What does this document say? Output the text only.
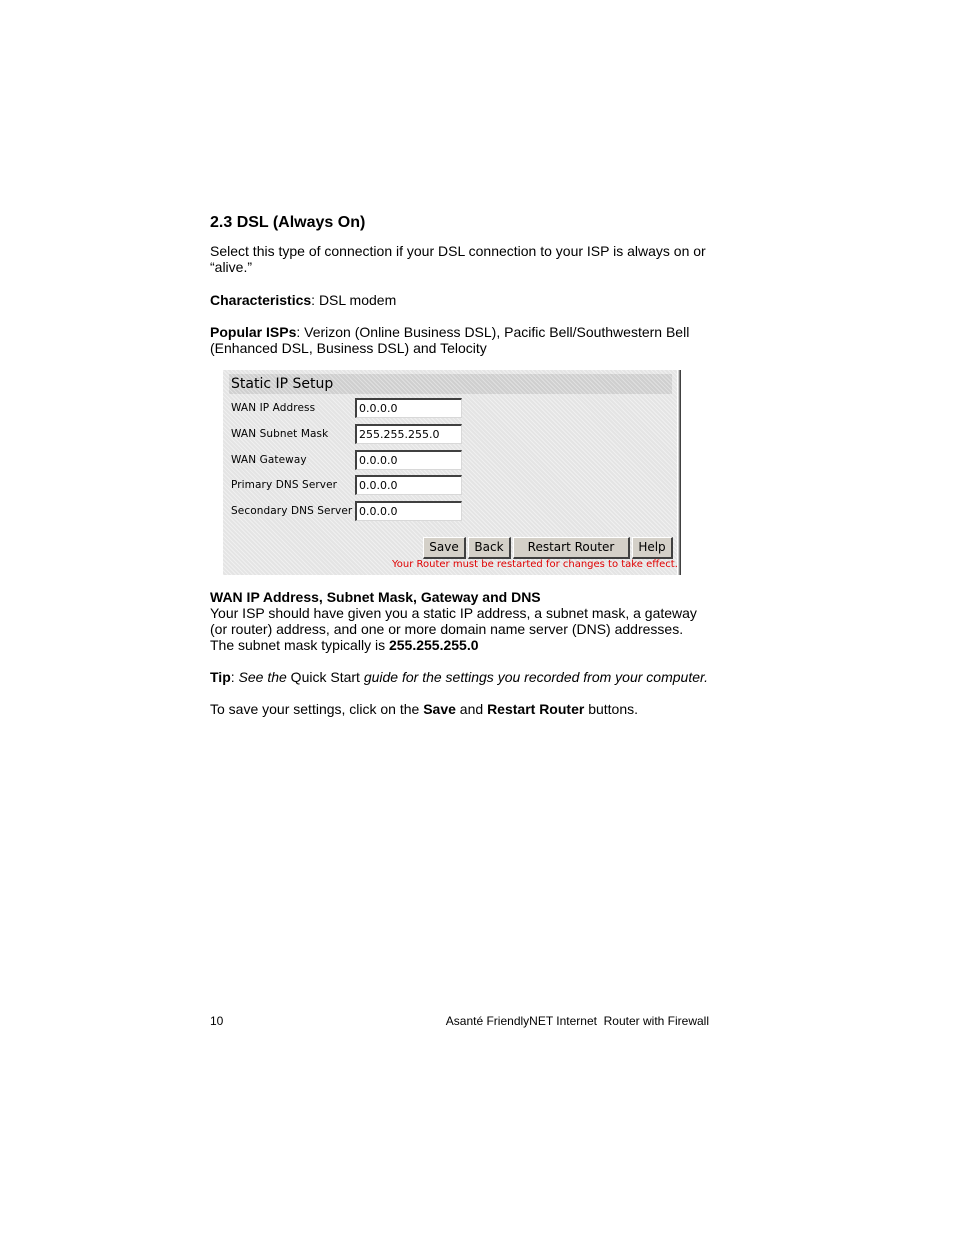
2.3 DSL (Always On)
Select this type of connection if your DSL connection to your ISP is always on or
“alive.”
Characteristics: DSL modem
Popular ISPs: Verizon (Online Business DSL), Pacific Bell/Southwestern Bell
(Enhanced DSL, Business DSL) and Telocity
Static IP Setup
WAN IP Address	0.0.0.0
WAN Subnet Mask	255.255.255.0
WAN Gateway	0.0.0.0
Primary DNS Server	0.0.0.0
Secondary DNS Server 0.0.0.0
Save	Back	Restart Router	Help
Your Router must be restarted for changes to take effect.
WAN IP Address, Subnet Mask, Gateway and DNS
Your ISP should have given you a static IP address, a subnet mask, a gateway
(or router) address, and one or more domain name server (DNS) addresses.
The subnet mask typically is 255.255.255.0
Tip: See the Quick Start guide for the settings you recorded from your computer.
To save your settings, click on the Save and Restart Router buttons.
10	Asanté FriendlyNET Internet  Router with Firewall
